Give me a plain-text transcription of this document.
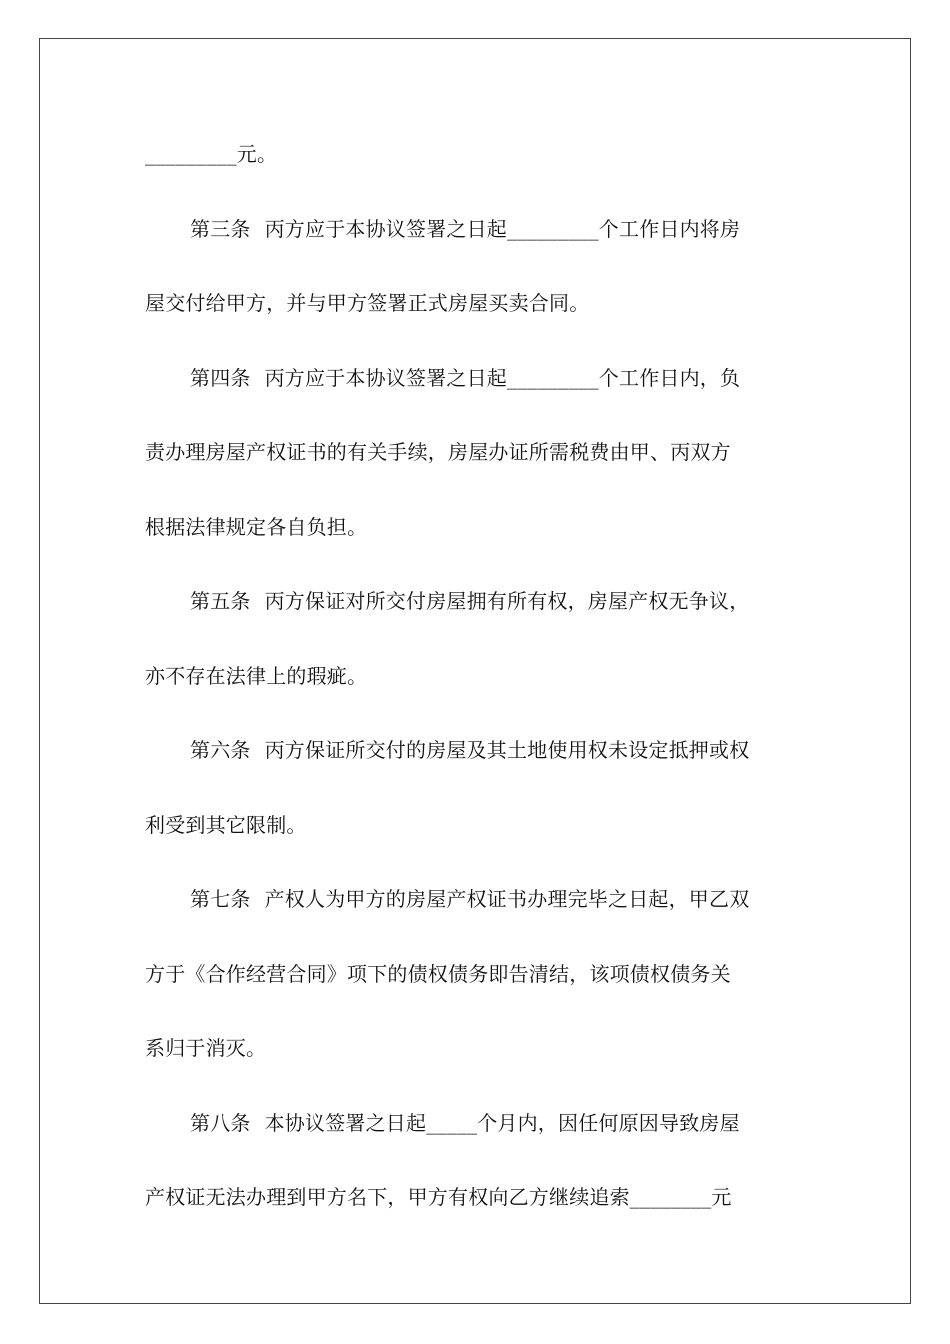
_________元。
第三条 丙方应于本协议签署之日起_________个工作日内将房
屋交付给甲方，并与甲方签署正式房屋买卖合同。
第四条 丙方应于本协议签署之日起_________个工作日内，负
责办理房屋产权证书的有关手续，房屋办证所需税费由甲、丙双方
根据法律规定各自负担。
第五条 丙方保证对所交付房屋拥有所有权，房屋产权无争议，
亦不存在法律上的瑕疵。
第六条 丙方保证所交付的房屋及其土地使用权未设定抵押或权
利受到其它限制。
第七条 产权人为甲方的房屋产权证书办理完毕之日起，甲乙双
方于《合作经营合同》项下的债权债务即告清结，该项债权债务关
系归于消灭。
第八条 本协议签署之日起_____个月内，因任何原因导致房屋
产权证无法办理到甲方名下，甲方有权向乙方继续追索________元
